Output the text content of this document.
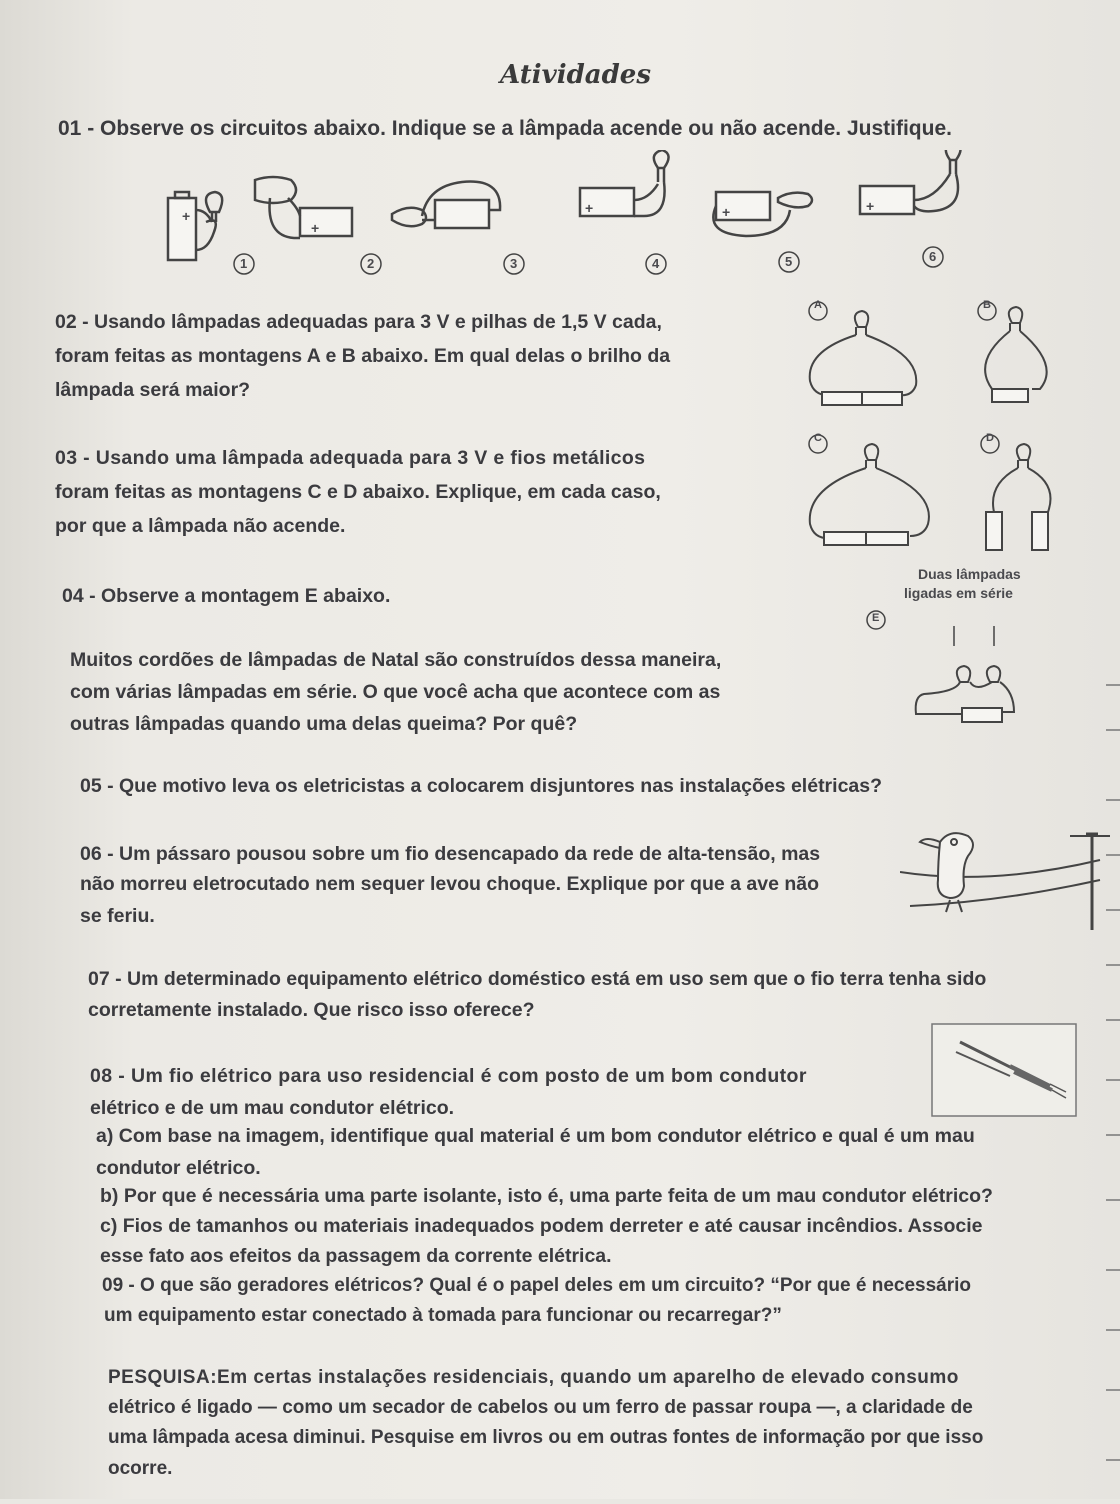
Atividades
01 - Observe os circuitos abaixo. Indique se a lâmpada acende ou não acende. Justifique.
+
+
+	+	+
1	2	3	4	5	6
02 - Usando lâmpadas adequadas para 3 V e pilhas de 1,5 V cada,
foram feitas as montagens A e B abaixo. Em qual delas o brilho da
lâmpada será maior?
A	B
03 - Usando uma lâmpada adequada para 3 V e fios metálicos
foram feitas as montagens C e D abaixo. Explique, em cada caso,
por que a lâmpada não acende.
C	D
04 - Observe a montagem E abaixo.
Duas lâmpadas
ligadas em série
Muitos cordões de lâmpadas de Natal são construídos dessa maneira,
com várias lâmpadas em série. O que você acha que acontece com as
outras lâmpadas quando uma delas queima? Por quê?
E
05 - Que motivo leva os eletricistas a colocarem disjuntores nas instalações elétricas?
06 - Um pássaro pousou sobre um fio desencapado da rede de alta-tensão, mas
não morreu eletrocutado nem sequer levou choque. Explique por que a ave não
se feriu.
07 - Um determinado equipamento elétrico doméstico está em uso sem que o fio terra tenha sido
corretamente instalado. Que risco isso oferece?
08 - Um fio elétrico para uso residencial é com posto de um bom condutor
elétrico e de um mau condutor elétrico.
a) Com base na imagem, identifique qual material é um bom condutor elétrico e qual é um mau
condutor elétrico.
b) Por que é necessária uma parte isolante, isto é, uma parte feita de um mau condutor elétrico?
c) Fios de tamanhos ou materiais inadequados podem derreter e até causar incêndios. Associe
esse fato aos efeitos da passagem da corrente elétrica.
09 - O que são geradores elétricos? Qual é o papel deles em um circuito? “Por que é necessário
um equipamento estar conectado à tomada para funcionar ou recarregar?”
PESQUISA:Em certas instalações residenciais, quando um aparelho de elevado consumo
elétrico é ligado — como um secador de cabelos ou um ferro de passar roupa —, a claridade de
uma lâmpada acesa diminui. Pesquise em livros ou em outras fontes de informação por que isso
ocorre.
